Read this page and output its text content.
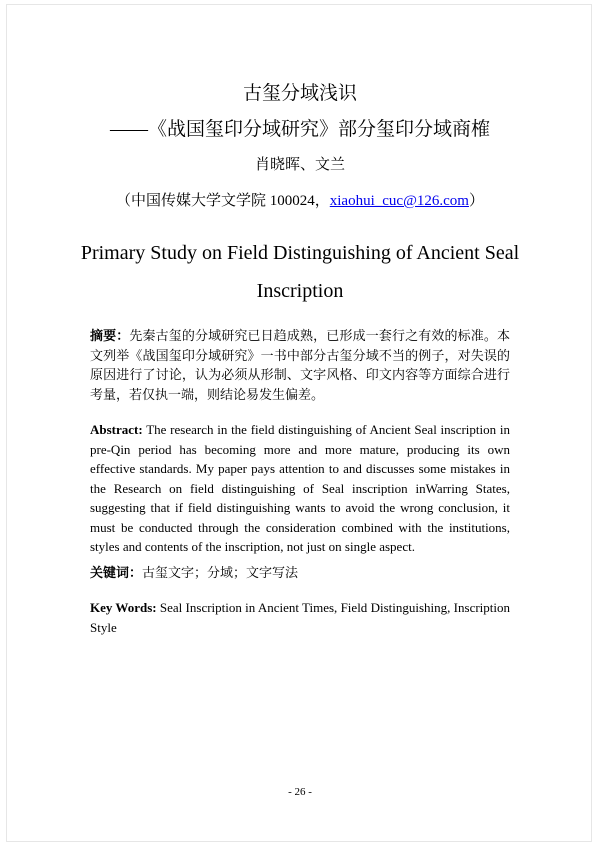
古玺分域浅识
——《战国玺印分域研究》部分玺印分域商榷
肖晓晖、文兰
（中国传媒大学文学院 100024，xiaohui_cuc@126.com）
Primary Study on Field Distinguishing of Ancient Seal
Inscription

摘要：先秦古玺的分域研究已日趋成熟，已形成一套行之有效的标准。本文列举《战国玺印分域研究》一书中部分古玺分域不当的例子，对失误的原因进行了讨论，认为必须从形制、文字风格、印文内容等方面综合进行考量，若仅执一端，则结论易发生偏差。

Abstract: The research in the field distinguishing of Ancient Seal inscription in pre-Qin period has becoming more and more mature, producing its own effective standards. My paper pays attention to and discusses some mistakes in the Research on field distinguishing of Seal inscription inWarring States, suggesting that if field distinguishing wants to avoid the wrong conclusion, it must be conducted through the consideration combined with the institutions, styles and contents of the inscription, not just on single aspect.

关键词：古玺文字；分域；文字写法

Key Words: Seal Inscription in Ancient Times, Field Distinguishing, Inscription Style

- 26 -
